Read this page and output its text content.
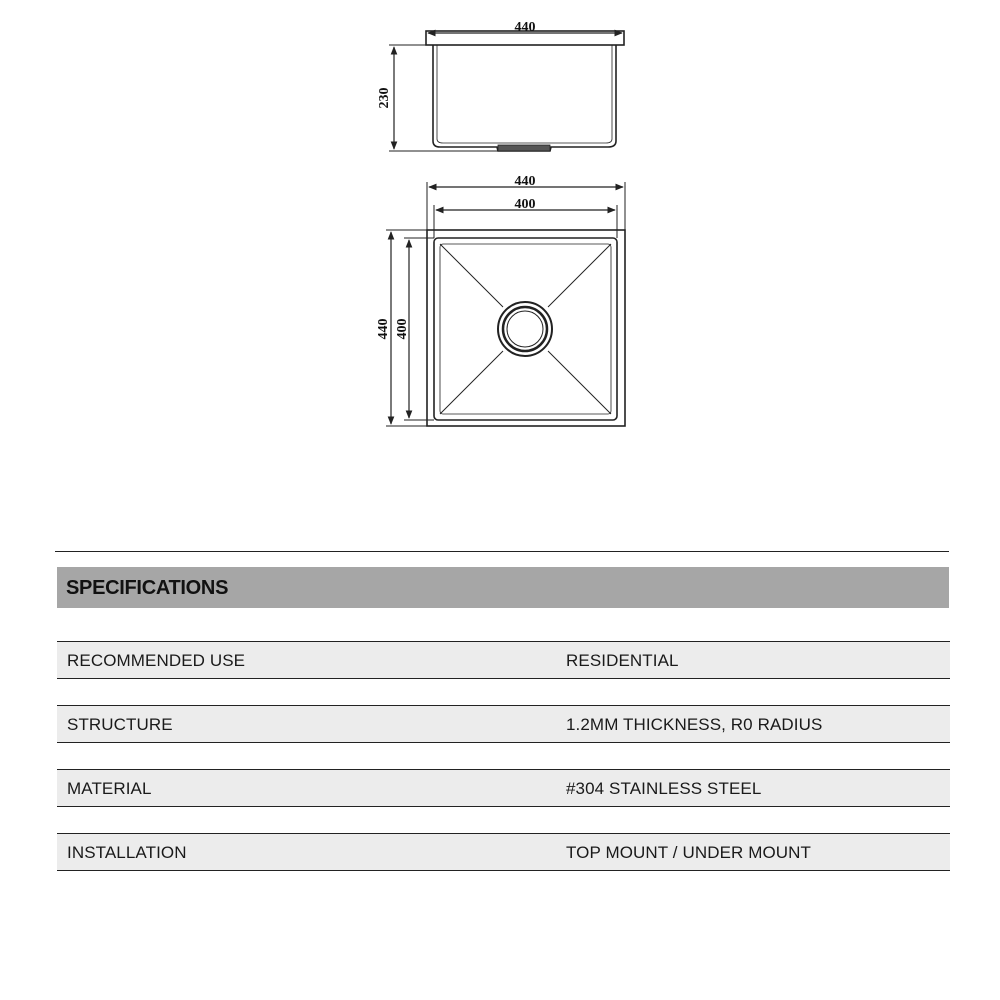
440
230
440
400
440 400
SPECIFICATIONS
RECOMMENDED USE	RESIDENTIAL
STRUCTURE	1.2MM THICKNESS, R0 RADIUS
MATERIAL	#304 STAINLESS STEEL
INSTALLATION	TOP MOUNT / UNDER MOUNT
